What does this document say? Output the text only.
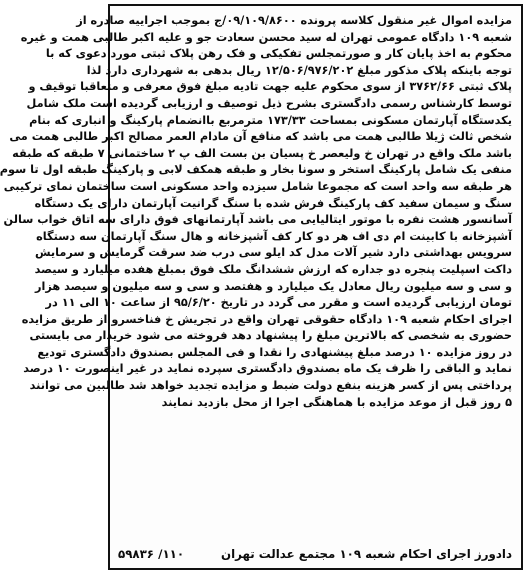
مزایده اموال غیر منقول کلاسه پرونده ۰۹/۱۰۹/۸۶۰۰/ج بموجب اجراییه صادره از
شعبه ۱۰۹ دادگاه عمومی تهران له سید محسن سعادت جو و علیه اکبر طالبی همت و غیره
محکوم به اخذ پایان کار و صورتمجلس تفکیکی و فک رهن پلاک ثبتی مورد دعوی که با
توجه باینکه پلاک مذکور مبلغ ۱۲/۵۰۶/۹۷۶/۲۰۲ ریال بدهی به شهرداری دارد لذا
پلاک ثبتی ۳۷۶۲/۶۶ از سوی محکوم علیه جهت تادیه مبلغ فوق معرفی و متعاقبا توقیف و
توسط کارشناس رسمی دادگستری بشرح ذیل توصیف و ارزیابی گردیده است ملک شامل
یکدستگاه آپارتمان مسکونی بمساحت ۱۷۳/۳۳ مترمربع باانضمام پارکینگ و انباری که بنام
شخص ثالث ژیلا طالبی همت می باشد که منافع آن مادام العمر مصالح اکبر طالبی همت می
باشد ملک واقع در تهران خ ولیعصر خ پسیان بن بست الف پ ۲ ساختمانی ۷ طبقه که طبقه
منفی یک شامل پارکینگ استخر و سونا بخار و طبقه همکف لابی و پارکینگ طبقه اول تا سوم
هر طبقه سه واحد است که مجموعا شامل سیزده واحد مسکونی است ساختمان نمای ترکیبی
سنگ و سیمان سفید کف پارکینگ فرش شده با سنگ گرانیت آپارتمان دارای یک دستگاه
آسانسور هشت نفره با موتور ایتالیایی می باشد آپارتمانهای فوق دارای سه اتاق خواب سالن
آشپزخانه با کابینت ام دی اف هر دو کار کف آشپزخانه و هال سنگ آپارتمان سه دستگاه
سرویس بهداشتی دارد شیر آلات مدل کد ایلو سی درب ضد سرقت گرمایش و سرمایش
داکت اسپلیت پنجره دو جداره که ارزش ششدانگ ملک فوق بمبلغ هفده میلیارد و سیصد
و سی و سه میلیون ریال معادل یک میلیارد و هفتصد و سی و سه میلیون و سیصد هزار
تومان ارزیابی گردیده است و مقرر می گردد در تاریخ ۹۵/۶/۲۰ از ساعت ۱۰ الی ۱۱ در
اجرای احکام شعبه ۱۰۹ دادگاه حقوقی تهران واقع در تجریش خ فناخسرو از طریق مزایده
حضوری به شخصی که بالاترین مبلغ را پیشنهاد دهد فروخته می شود خریدار می بایستی
در روز مزایده ۱۰ درصد مبلغ پیشنهادی را نقدا و فی المجلس بصندوق دادگستری تودیع
نماید و الباقی را ظرف یک ماه بصندوق دادگستری سپرده نماید در غیر اینصورت ۱۰ درصد
پرداختی پس از کسر هزینه بنفع دولت ضبط و مزایده تجدید خواهد شد طالبین می توانند
۵ روز قبل از موعد مزایده با هماهنگی اجرا از محل بازدید نمایند
دادورز اجرای احکام شعبه ۱۰۹ مجتمع عدالت تهران
۱۱۰/ ۵۹۸۳۶
